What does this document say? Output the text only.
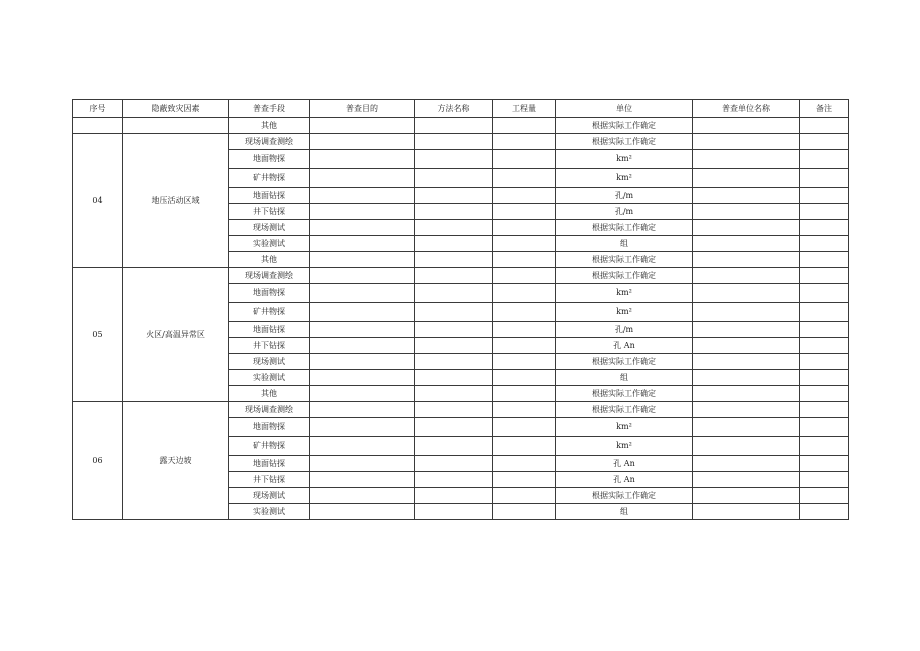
序号	隐蔽致灾因素	普查手段	普查目的	方法名称	工程量	单位	普查单位名称	备注
		其他				根据实际工作确定		
04	地压活动区域	现场调查测绘				根据实际工作确定		
		地面物探				km²		
		矿井物探				km²		
		地面钻探				孔/m		
		井下钻探				孔/m		
		现场测试				根据实际工作确定		
		实验测试				组		
		其他				根据实际工作确定		
05	火区/高温异常区	现场调查测绘				根据实际工作确定		
		地面物探				km²		
		矿井物探				km²		
		地面钻探				孔/m		
		井下钻探				孔 An		
		现场测试				根据实际工作确定		
		实验测试				组		
		其他				根据实际工作确定		
06	露天边坡	现场调查测绘				根据实际工作确定		
		地面物探				km²		
		矿井物探				km²		
		地面钻探				孔 An		
		井下钻探				孔 An		
		现场测试				根据实际工作确定		
		实验测试				组		
